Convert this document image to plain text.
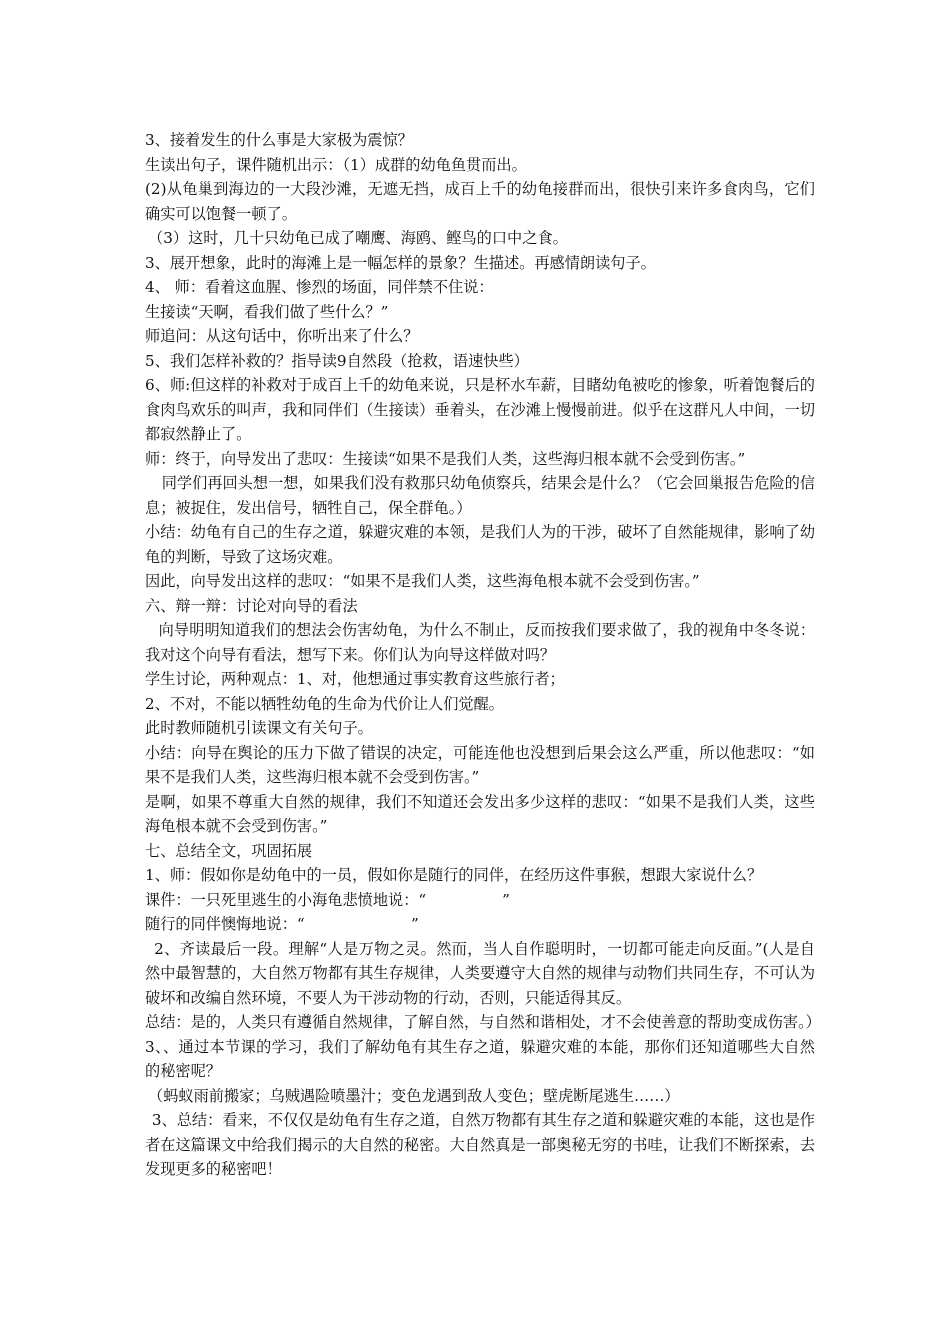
3、接着发生的什么事是大家极为震惊？

生读出句子，课件随机出示：（1）成群的幼龟鱼贯而出。

(2)从龟巢到海边的一大段沙滩，无遮无挡，成百上千的幼龟接群而出，很快引来许多食肉鸟，它们确实可以饱餐一顿了。

（3）这时，几十只幼龟已成了嘲鹰、海鸥、鲣鸟的口中之食。

3、展开想象，此时的海滩上是一幅怎样的景象？生描述。再感情朗读句子。

4、 师：看着这血腥、惨烈的场面，同伴禁不住说：

生接读“天啊，看我们做了些什么？”

师追问：从这句话中，你听出来了什么？

5、我们怎样补救的？指导读9自然段（抢救，语速快些）

6、师:但这样的补救对于成百上千的幼龟来说，只是杯水车薪，目睹幼龟被吃的惨象，听着饱餐后的食肉鸟欢乐的叫声，我和同伴们（生接读）垂着头，在沙滩上慢慢前进。似乎在这群凡人中间，一切都寂然静止了。

师：终于，向导发出了悲叹：生接读“如果不是我们人类，这些海归根本就不会受到伤害。”

同学们再回头想一想，如果我们没有救那只幼龟侦察兵，结果会是什么？（它会回巢报告危险的信息；被捉住，发出信号，牺牲自己，保全群龟。）

小结：幼龟有自己的生存之道，躲避灾难的本领，是我们人为的干涉，破坏了自然能规律，影响了幼龟的判断，导致了这场灾难。

因此，向导发出这样的悲叹：“如果不是我们人类，这些海龟根本就不会受到伤害。”

六、辩一辩：讨论对向导的看法

向导明明知道我们的想法会伤害幼龟，为什么不制止，反而按我们要求做了，我的视角中冬冬说：我对这个向导有看法，想写下来。你们认为向导这样做对吗？

学生讨论，两种观点：1、对，他想通过事实教育这些旅行者；

2、不对，不能以牺牲幼龟的生命为代价让人们觉醒。

此时教师随机引读课文有关句子。

小结：向导在舆论的压力下做了错误的决定，可能连他也没想到后果会这么严重，所以他悲叹：“如果不是我们人类，这些海归根本就不会受到伤害。”

是啊，如果不尊重大自然的规律，我们不知道还会发出多少这样的悲叹：“如果不是我们人类，这些海龟根本就不会受到伤害。”

七、总结全文，巩固拓展

1、师：假如你是幼龟中的一员，假如你是随行的同伴，在经历这件事猴，想跟大家说什么？

课件：一只死里逃生的小海龟悲愤地说：“　　　　　”

随行的同伴懊悔地说：“　　　　　　　”

2、齐读最后一段。理解“人是万物之灵。然而，当人自作聪明时，一切都可能走向反面。”(人是自然中最智慧的，大自然万物都有其生存规律，人类要遵守大自然的规律与动物们共同生存，不可认为破坏和改编自然环境，不要人为干涉动物的行动，否则，只能适得其反。

总结：是的，人类只有遵循自然规律，了解自然，与自然和谐相处，才不会使善意的帮助变成伤害。）

3、、通过本节课的学习，我们了解幼龟有其生存之道，躲避灾难的本能，那你们还知道哪些大自然的秘密呢？

（蚂蚁雨前搬家；乌贼遇险喷墨汁；变色龙遇到敌人变色；壁虎断尾逃生……）

3、总结：看来，不仅仅是幼龟有生存之道，自然万物都有其生存之道和躲避灾难的本能，这也是作者在这篇课文中给我们揭示的大自然的秘密。大自然真是一部奥秘无穷的书哇，让我们不断探索，去发现更多的秘密吧！
